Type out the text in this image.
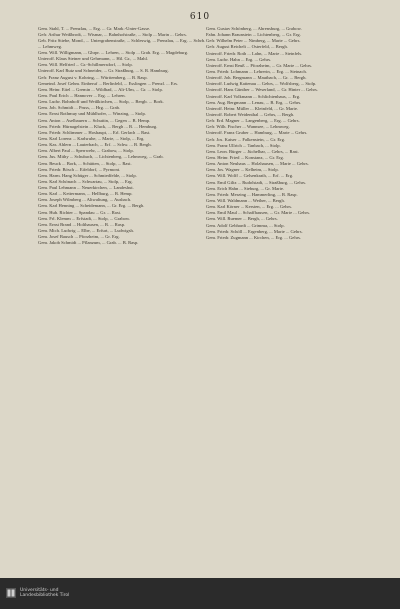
610
Gem. Stahl, T. ... Prenzlau, ... Erg. ... Gr. Mark.-Unter-Gasse.
Gefr. Arthur Weißbrodt, ... Wismar, ... Bahnhofstraße, ... Stolp ... Marin ... Gehrs.
Geb. Fritz Stiebe, Mond., ... Untergrabenstraße, ... Schleswig, ... Prenzlau, ... Erg. ... Schrb. ... Lehmweg.
Gem. Will. Willigmann, ... Ghrpr. ... Lehren, ... Stolp ... Grab. Erg. ... Magdeburg.
Unteroff. Klaus Steiner und Gehrmann, ... Hil. Gr., ... Mahl.
Gem. Will. Helfried ... Gr.-Schillmersdorf, ... Stolp.
Unteroff. Karl Rutz und Schneider, ... Gr. Straßburg, ... S. R. Hamburg.
Gefr. Franz August v. Kohring, ... Württemberg, ... B. Rasp.
Gemeind. Josef Gehm. Einberuf ... Berlinfeld, ... Esslingen ... Prenzl. ... Ers.
Gem. Heinr. Eitel ... Gremin ... Wildbad, ... Alt-Ulm, ... Gr. ... Stolp.
Gem. Paul Erich ... Hannover ... Erg. ... Lehren.
Gem. Ludw. Bohnhoff und Weißkirchen, ... Stolp, ... Bergb. ... Bork.
Gem. Joh. Schmidt ... Pruss, ... Hrg. ... Grab.
Gem. Ernst Rothmuy und Mühlhofer, ... Winzing, ... Stolp.
Gem. Anton ... Aselbauern ... Schuttin, ... Gegen ... B. Hemp.
Gem. Friedr. Hürnagelstein ... Kluck, ... Bergh ... B. ... Hemburg.
Gem. Friedr. Schlimmer ... Hoshaupt, ... Erl. Gerlach ... Rast.
Gem. Karl Lorenz ... Karlsruhe, ... Marie, ... Stolp, ... Erg.
Gem. Kas. Ahlern ... Lauterbach, ... Erf. ... Schw. ... B. Bergh.
Gem. Albert Paul ... Sperrwehr, ... Grabow, ... Stolp.
Gem. Jus. Mithy ... Schubach, ... Lichtenberg, ... Lehmweg, ... Grab.
Gem. Beuck ... Bork, ... Schütten, ... Stolp, ... Rast.
Gem. Friedr. Bösch ... Eifeldorf, ... Pyrmont.
Gem. Harm. Hang Schüger ... Schmiedfelde, ... Stolp.
Gem. Karl Schönach ... Schwartau, ... Stolp, ... Erg.
Gem. Paul Lehmann ... Neuerkirchen, ... Landeshut.
Gem. Karl ... Kettermann, ... Hellburg, ... B. Hemp.
Gem. Joseph Wilmberg ... Altwaltung, ... Ausbach.
Gem. Karl Henning ... Scheidemann, ... Gr. Erg. ... Bergh.
Gem. Hub. Richter ... Spandau ... Gr. ... Rast.
Gem. Frl. Klemm ... Erfstadt, ... Stolp, ... Grabow.
Gem. Ernst Brand ... Holthausen, ... B. ... Rasp.
Gem. Mich. Ludwig ... Elbe, ... Erfurt, ... Ludwigsh.
Gem. Josef Bausch ... Pforzheim, ... Gr. Erg.
Gem. Jakob Schmidt ... Pflanzum, ... Grab. ... B. Rasp.
Gem. Gustav Schönberg, ... Ahrensburg, ... Grabow.
Fahn. Johann Braunstein ... Lichtenberg, ... Gr. Erg.
Gefr. Wilhelm Peter ... Nimberg, ... Marie ... Gehrs.
Gefr. August Reichelt ... Osterfeld, ... Bergh.
Unteroff. Friedr. Roth ... Lahn, ... Marie ... Steinfels.
Gem. Ludw. Hahn ... Erg. ... Gehrs.
Unteroff. Ernst Reuß ... Pforzheim, ... Gr. Marie ... Gehrs.
Gem. Friedr. Lohmann ... Lehrerin, ... Erg. ... Steinach.
Unteroff. Joh. Bergmann ... Mautbach, ... Gr. ... Bergh.
Unteroff. Ludwig Kattenau ... Gehrs, ... Wolfsberg, ... Stolp.
Unteroff. Hans Günther ... Weserland, ... Gr. Hinter ... Gehrs.
Unteroff. Karl Volkmann ... Schlichtenhaus, ... Erg.
Gem. Aug. Bergmann ... Lenau, ... B. Erg. ... Gehrs.
Unteroff. Heinr. Müller ... Kleinfeld, ... Gr. Marie.
Unteroff. Robert Weidenthal ... Gehrs, ... Bergh.
Gefr. Erd. Magner ... Langenberg, ... Erg. ... Gehrs.
Gefr. Wilh. Fischer ... Wannsee, ... Lehmweg.
Unteroff. Franz Gruber ... Hamburg, ... Marie ... Gehrs.
Gefr. Jos. Kaiser ... Falkenstein, ... Gr. Erg.
Gem. Franz Ullrich ... Tanbach, ... Stolp.
Gem. Leon. Bürger ... Jüchelbar, ... Gehrs, ... Rast.
Gem. Heinr. Fried ... Konstanz, ... Gr. Erg.
Gem. Anton Neuhaus ... Holzhausen, ... Marie ... Gehrs.
Gem. Jos. Wagner ... Kelheim, ... Stolp.
Gem. Will. Wolff ... Gelsenkrath, ... Erf. ... Erg.
Gem. Emil Giltz ... Rudolstadt, ... Straßburg, ... Gehrs.
Gem. Erich Hahn ... Sieburg, ... Gr. Marie.
Gem. Friedr. Merzing ... Hammerling, ... B. Rasp.
Gem. Will. Waldmann ... Weiher, ... Bergh.
Gem. Karl Körner ... Kersten, ... Erg. ... Gehrs.
Gem. Emil Maul ... Schaffhausen, ... Gr. Marie ... Gehrs.
Gem. Will. Ruemer ... Bergh, ... Gehrs.
Gem. Adolf Gebhardt ... Grimma, ... Stolp.
Gem. Friedr. Schöll ... Ergenberg, ... Marie ... Gehrs.
Gem. Friedr. Zugmann ... Kirchen, ... Erg. ... Gehrs.
Universitäts- und
Landesbibliothek Tirol
